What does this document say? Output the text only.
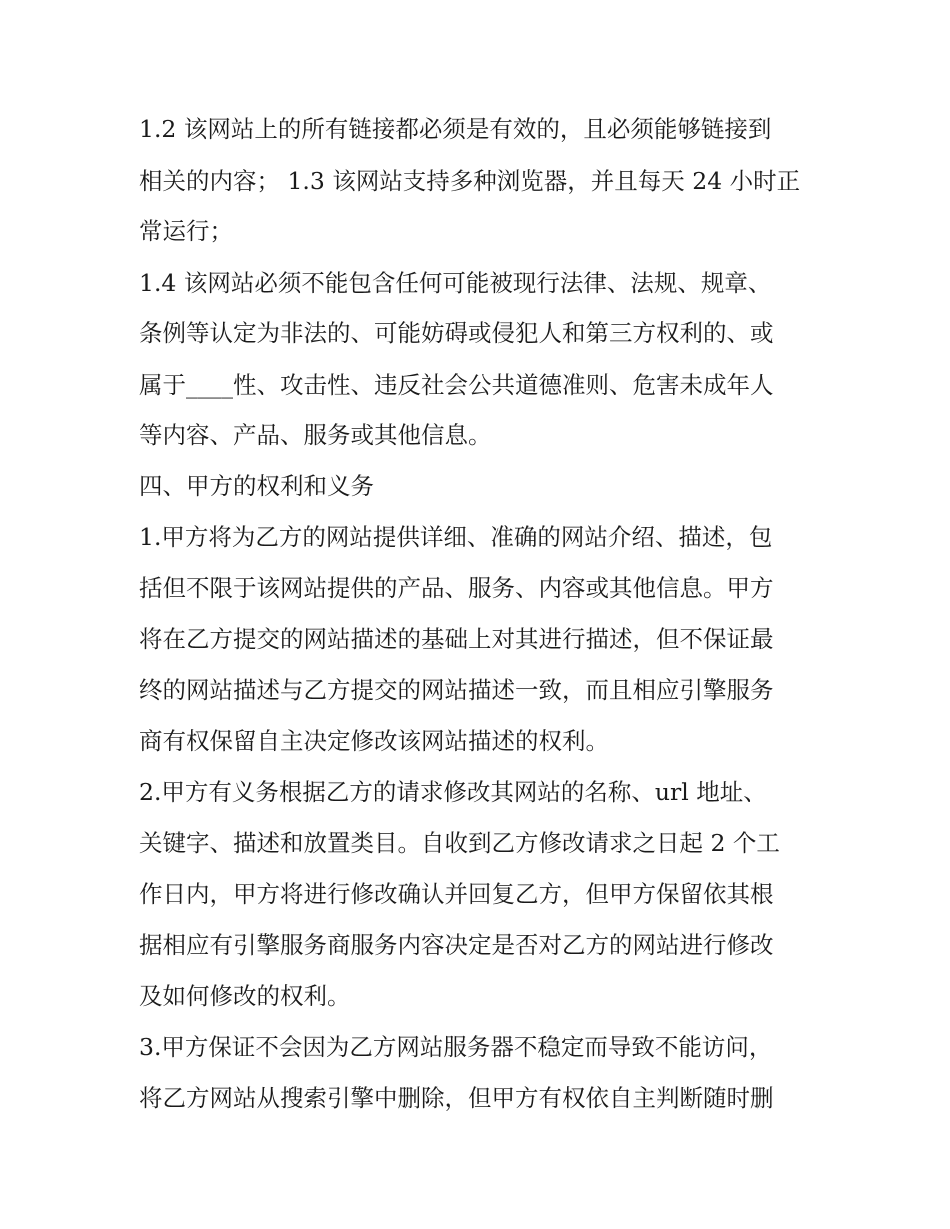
1.2 该网站上的所有链接都必须是有效的，且必须能够链接到
相关的内容； 1.3 该网站支持多种浏览器，并且每天 24 小时正
常运行；
1.4 该网站必须不能包含任何可能被现行法律、法规、规章、
条例等认定为非法的、可能妨碍或侵犯人和第三方权利的、或
属于____性、攻击性、违反社会公共道德准则、危害未成年人
等内容、产品、服务或其他信息。
四、甲方的权利和义务
1.甲方将为乙方的网站提供详细、准确的网站介绍、描述，包
括但不限于该网站提供的产品、服务、内容或其他信息。甲方
将在乙方提交的网站描述的基础上对其进行描述，但不保证最
终的网站描述与乙方提交的网站描述一致，而且相应引擎服务
商有权保留自主决定修改该网站描述的权利。
2.甲方有义务根据乙方的请求修改其网站的名称、url 地址、
关键字、描述和放置类目。自收到乙方修改请求之日起 2 个工
作日内，甲方将进行修改确认并回复乙方，但甲方保留依其根
据相应有引擎服务商服务内容决定是否对乙方的网站进行修改
及如何修改的权利。
3.甲方保证不会因为乙方网站服务器不稳定而导致不能访问，
将乙方网站从搜索引擎中删除，但甲方有权依自主判断随时删
